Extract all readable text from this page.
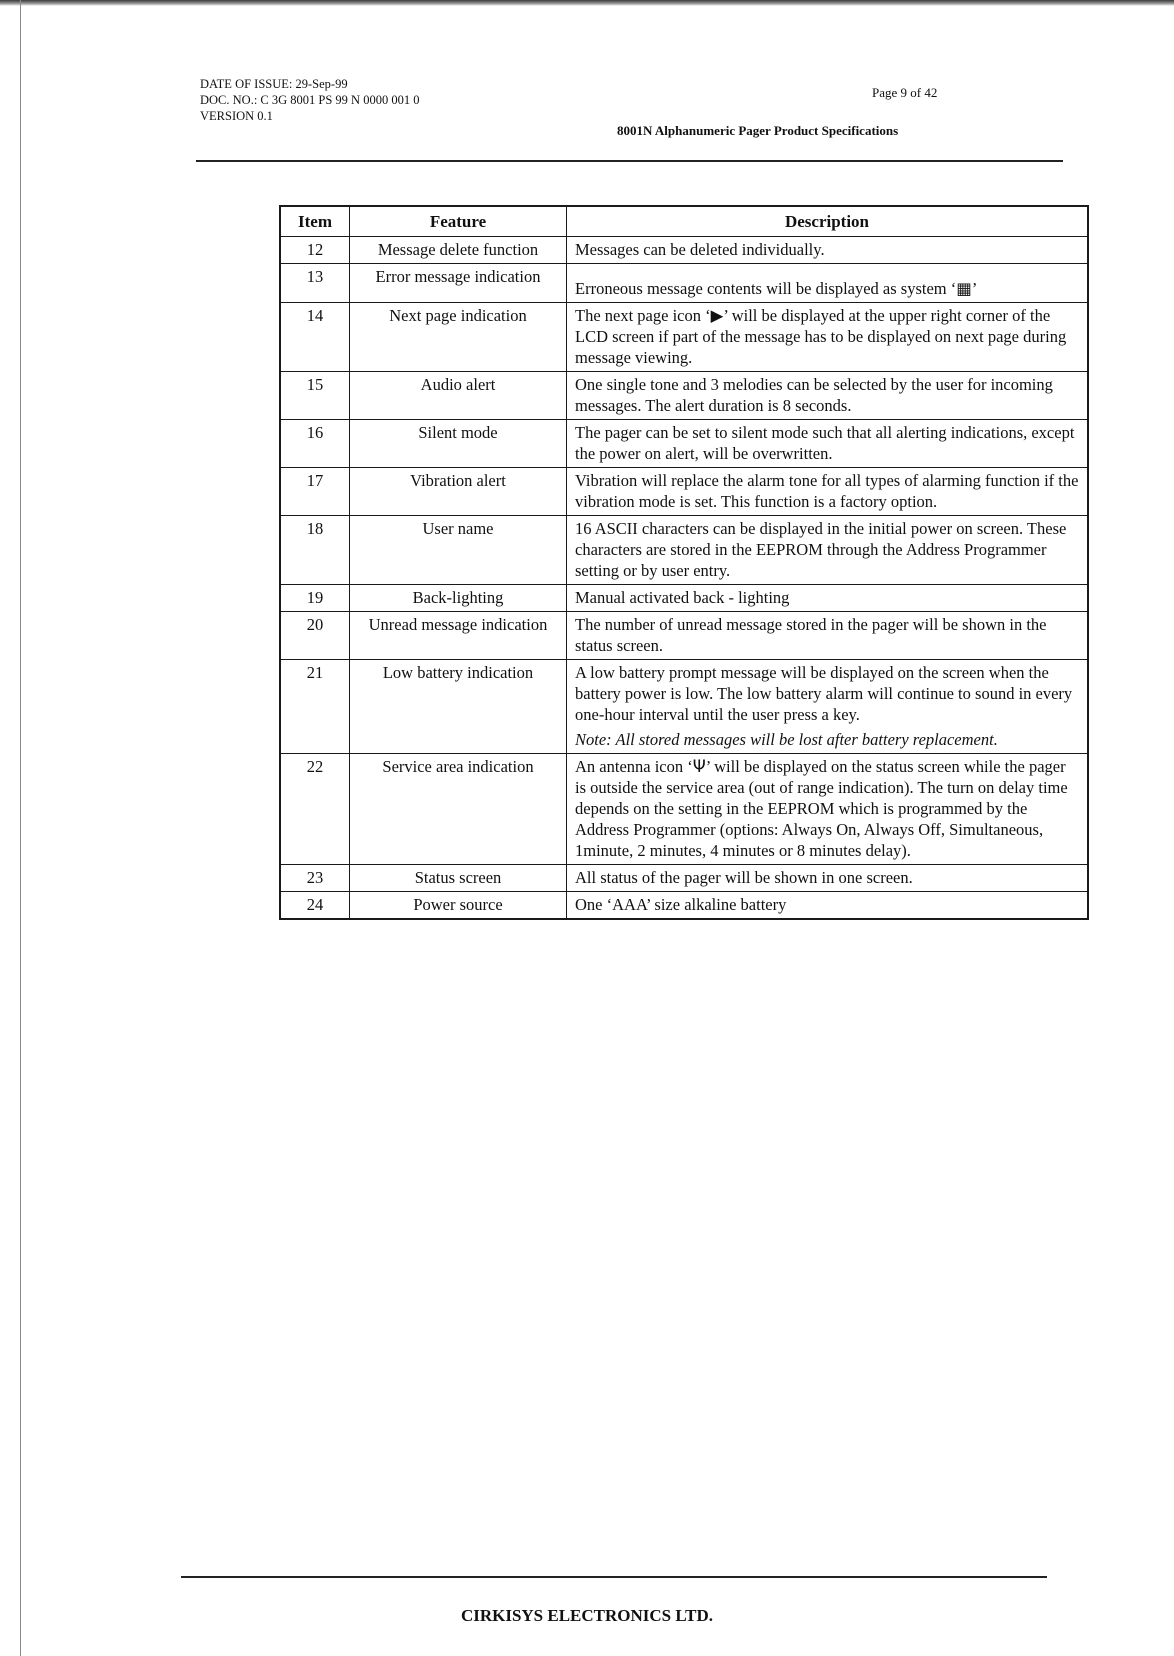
DATE OF ISSUE: 29-Sep-99
DOC. NO.: C 3G 8001 PS 99 N 0000 001 0
VERSION 0.1
Page 9 of 42
8001N Alphanumeric Pager Product Specifications
Item	Feature	Description
12	Message delete function	Messages can be deleted individually.
13	Error message indication	Erroneous message contents will be displayed as system ‘▦’
14	Next page indication	The next page icon ‘▶’ will be displayed at the upper right corner of the LCD screen if part of the message has to be displayed on next page during message viewing.
15	Audio alert	One single tone and 3 melodies can be selected by the user for incoming messages. The alert duration is 8 seconds.
16	Silent mode	The pager can be set to silent mode such that all alerting indications, except the power on alert, will be overwritten.
17	Vibration alert	Vibration will replace the alarm tone for all types of alarming function if the vibration mode is set. This function is a factory option.
18	User name	16 ASCII characters can be displayed in the initial power on screen. These characters are stored in the EEPROM through the Address Programmer setting or by user entry.
19	Back-lighting	Manual activated back - lighting
20	Unread message indication	The number of unread message stored in the pager will be shown in the status screen.
21	Low battery indication	A low battery prompt message will be displayed on the screen when the battery power is low. The low battery alarm will continue to sound in every one-hour interval until the user press a key.
Note: All stored messages will be lost after battery replacement.

22	Service area indication	An antenna icon ‘Ψ’ will be displayed on the status screen while the pager is outside the service area (out of range indication). The turn on delay time depends on the setting in the EEPROM which is programmed by the Address Programmer (options: Always On, Always Off, Simultaneous, 1minute, 2 minutes, 4 minutes or 8 minutes delay).
23	Status screen	All status of the pager will be shown in one screen.
24	Power source	One ‘AAA’ size alkaline battery
CIRKISYS ELECTRONICS LTD.
